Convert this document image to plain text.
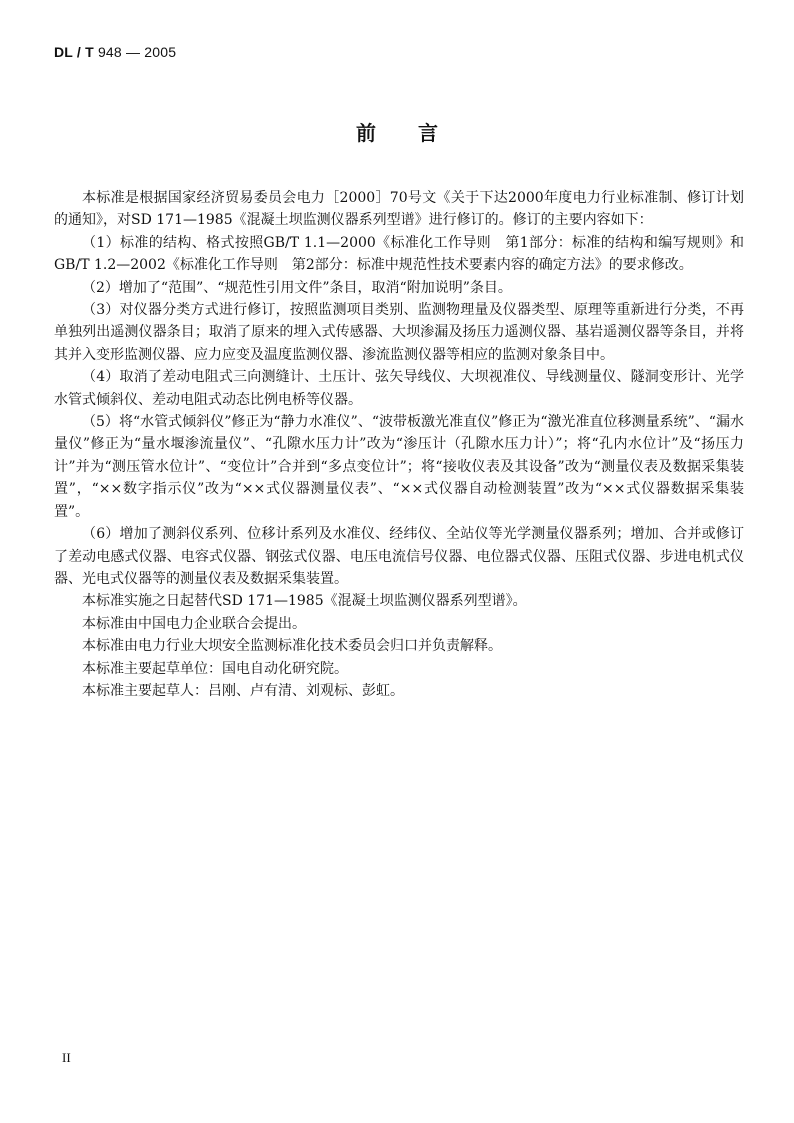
DL / T 948 — 2005
前言

本标准是根据国家经济贸易委员会电力［2000］70号文《关于下达2000年度电力行业标准制、修订计划的通知》，对SD 171—1985《混凝土坝监测仪器系列型谱》进行修订的。修订的主要内容如下：

（1）标准的结构、格式按照GB/T 1.1—2000《标准化工作导则　第1部分：标准的结构和编写规则》和GB/T 1.2—2002《标准化工作导则　第2部分：标准中规范性技术要素内容的确定方法》的要求修改。

（2）增加了“范围”、“规范性引用文件”条目，取消“附加说明”条目。

（3）对仪器分类方式进行修订，按照监测项目类别、监测物理量及仪器类型、原理等重新进行分类，不再单独列出遥测仪器条目；取消了原来的埋入式传感器、大坝渗漏及扬压力遥测仪器、基岩遥测仪器等条目，并将其并入变形监测仪器、应力应变及温度监测仪器、渗流监测仪器等相应的监测对象条目中。

（4）取消了差动电阻式三向测缝计、土压计、弦矢导线仪、大坝视准仪、导线测量仪、隧洞变形计、光学水管式倾斜仪、差动电阻式动态比例电桥等仪器。

（5）将“水管式倾斜仪”修正为“静力水准仪”、“波带板激光准直仪”修正为“激光准直位移测量系统”、“漏水量仪”修正为“量水堰渗流量仪”、“孔隙水压力计”改为“渗压计（孔隙水压力计）”；将“孔内水位计”及“扬压力计”并为“测压管水位计”、“变位计”合并到“多点变位计”；将“接收仪表及其设备”改为“测量仪表及数据采集装置”，“××数字指示仪”改为“××式仪器测量仪表”、“××式仪器自动检测装置”改为“××式仪器数据采集装置”。

（6）增加了测斜仪系列、位移计系列及水准仪、经纬仪、全站仪等光学测量仪器系列；增加、合并或修订了差动电感式仪器、电容式仪器、钢弦式仪器、电压电流信号仪器、电位器式仪器、压阻式仪器、步进电机式仪器、光电式仪器等的测量仪表及数据采集装置。

本标准实施之日起替代SD 171—1985《混凝土坝监测仪器系列型谱》。

本标准由中国电力企业联合会提出。

本标准由电力行业大坝安全监测标准化技术委员会归口并负责解释。

本标准主要起草单位：国电自动化研究院。

本标准主要起草人：吕刚、卢有清、刘观标、彭虹。

II
